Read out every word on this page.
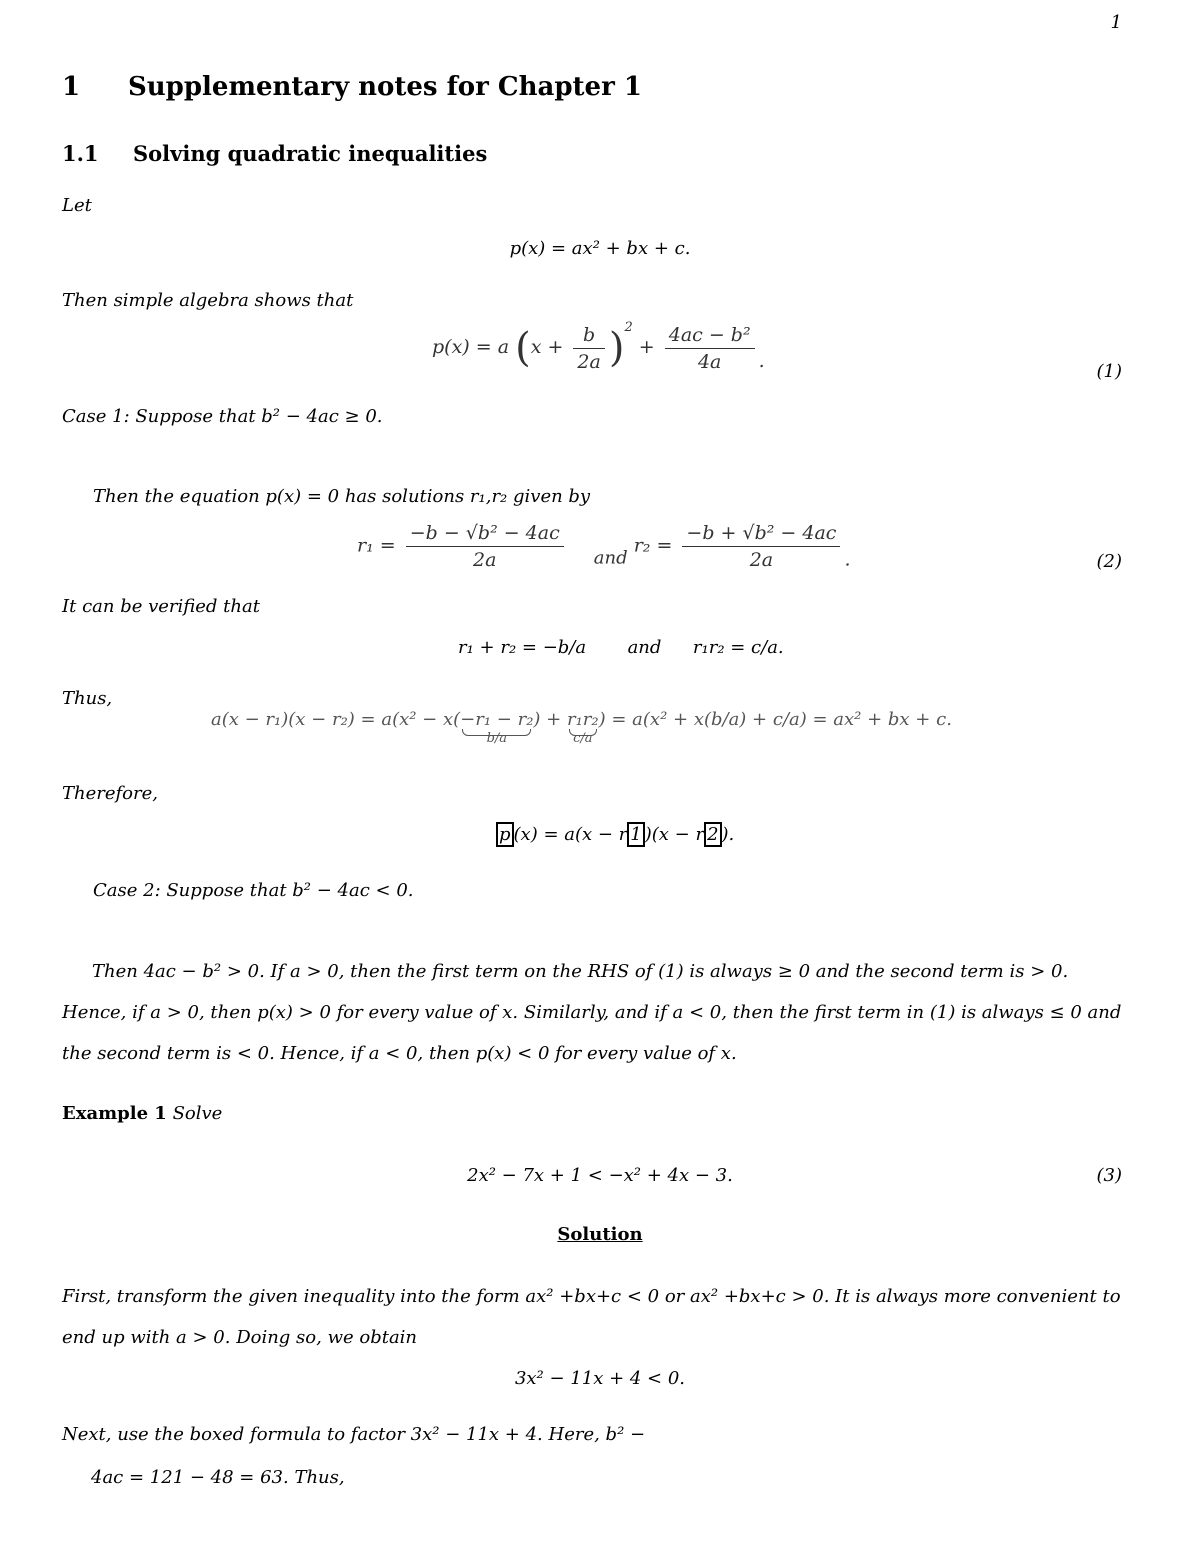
1
1 Supplementary notes for Chapter 1
1.1 Solving quadratic inequalities
Let
p(x) = ax² + bx + c.
Then simple algebra shows that
p(x) = a $(x + \frac{b}{2a} )^2 + \frac{\text{4ac − b²}}{4a}$ .	(1)
Case 1: Suppose that b² − 4ac ≥ 0.
Then the equation p(x) = 0 has solutions r₁,r₂ given by
$r_1 = \frac{\text{−b − √b² − 4ac}}{2a}$ and $r_2 = \frac{\text{−b + √b² − 4ac}}{2a}$ .	(2)
It can be verified that
r₁ + r₂ = −b/a and r₁r₂ = c/a.
Thus,
a(x − r₁)(x − r₂) = a(x² − x(−r₁ − r₂
b/a
) + r₁r₂
c/a
) = a(x² + x(b/a) + c/a) = ax² + bx + c.
Therefore,
p (x) = a(x − r 1 )(x − r 2 ).
Case 2: Suppose that b² − 4ac < 0.
Then 4ac − b² > 0. If a > 0, then the first term on the RHS of (1) is always ≥ 0 and the second term is > 0. Hence, if a > 0, then p(x) > 0 for every value of x. Similarly, and if a < 0, then the first term in (1) is always ≤ 0 and the second term is < 0. Hence, if a < 0, then p(x) < 0 for every value of x.
Example 1 Solve
2x² − 7x + 1 < −x² + 4x − 3.	(3)
Solution
First, transform the given inequality into the form ax² +bx+c < 0 or ax² +bx+c > 0. It is always more convenient to end up with a > 0. Doing so, we obtain
3x² − 11x + 4 < 0.
Next, use the boxed formula to factor 3x² − 11x + 4. Here, b² −
4ac = 121 − 48 = 63. Thus,
